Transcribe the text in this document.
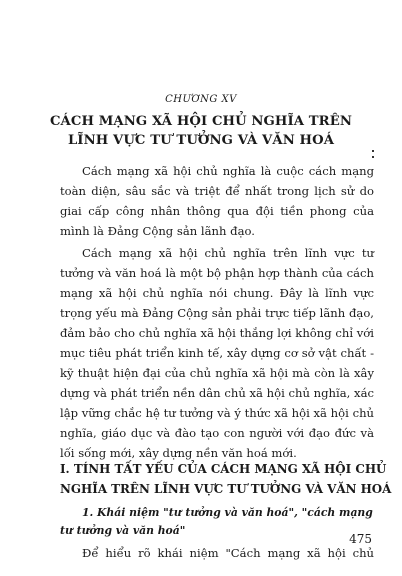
CHƯƠNG XV
CÁCH MẠNG XÃ HỘI CHỦ NGHĨA TRÊN
LĨNH VỰC TƯ TƯỞNG VÀ VĂN HOÁ
Cách mạng xã hội chủ nghĩa là cuộc cách mạng
toàn diện, sâu sắc và triệt để nhất trong lịch sử do
giai cấp công nhân thông qua đội tiền phong của
mình là Đảng Cộng sản lãnh đạo.
Cách mạng xã hội chủ nghĩa trên lĩnh vực tư
tưởng và văn hoá là một bộ phận hợp thành của cách
mạng xã hội chủ nghĩa nói chung. Đây là lĩnh vực
trọng yếu mà Đảng Cộng sản phải trực tiếp lãnh đạo,
đảm bảo cho chủ nghĩa xã hội thắng lợi không chỉ với
mục tiêu phát triển kinh tế, xây dựng cơ sở vật chất -
kỹ thuật hiện đại của chủ nghĩa xã hội mà còn là xây
dựng và phát triển nền dân chủ xã hội chủ nghĩa, xác
lập vững chắc hệ tư tưởng và ý thức xã hội xã hội chủ
nghĩa, giáo dục và đào tạo con người với đạo đức và
lối sống mới, xây dựng nền văn hoá mới.
I. TÍNH TẤT YẾU CỦA CÁCH MẠNG XÃ HỘI CHỦ
NGHĨA TRÊN LĨNH VỰC TƯ TƯỞNG VÀ VĂN HOÁ
1. Khái niệm "tư tưởng và văn hoá", "cách mạng
tư tưởng và văn hoá"
Để hiểu rõ khái niệm "Cách mạng xã hội chủ
475
